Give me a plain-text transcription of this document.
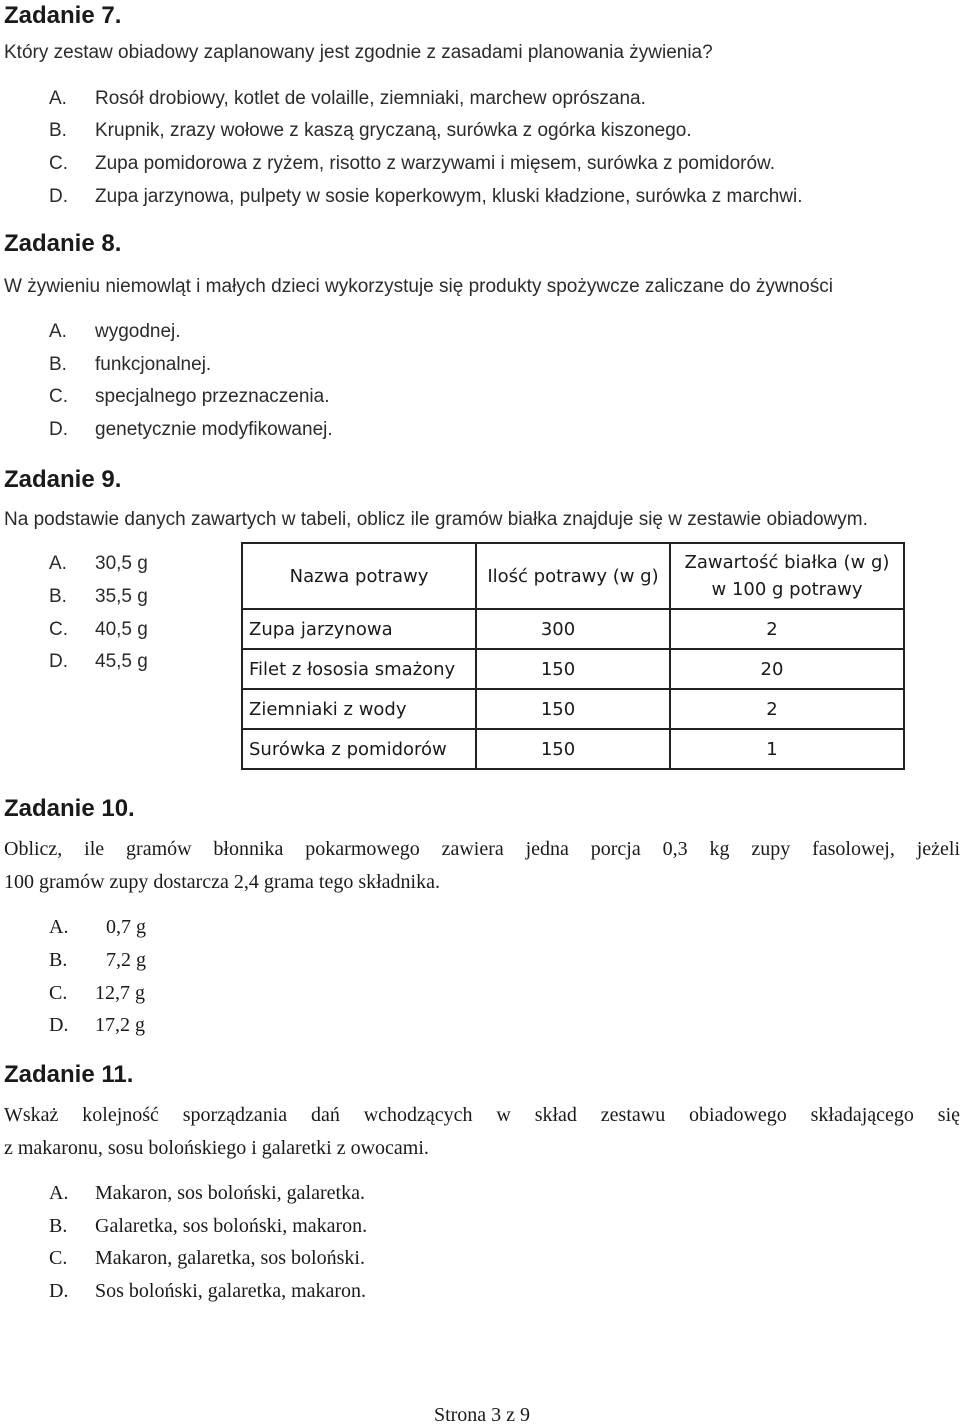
Zadanie 7.
Który zestaw obiadowy zaplanowany jest zgodnie z zasadami planowania żywienia?
A. Rosół drobiowy, kotlet de volaille, ziemniaki, marchew oprószana.
B. Krupnik, zrazy wołowe z kaszą gryczaną, surówka z ogórka kiszonego.
C. Zupa pomidorowa z ryżem, risotto z warzywami i mięsem, surówka z pomidorów.
D. Zupa jarzynowa, pulpety w sosie koperkowym, kluski kładzione, surówka z marchwi.
Zadanie 8.
W żywieniu niemowląt i małych dzieci wykorzystuje się produkty spożywcze zaliczane do żywności
A. wygodnej.
B. funkcjonalnej.
C. specjalnego przeznaczenia.
D. genetycznie modyfikowanej.
Zadanie 9.
Na podstawie danych zawartych w tabeli, oblicz ile gramów białka znajduje się w zestawie obiadowym.
A. 30,5 g
B. 35,5 g
C. 40,5 g
D. 45,5 g
Nazwa potrawy	Ilość potrawy (w g)	Zawartość białka (w g)
w 100 g potrawy
Zupa jarzynowa	300	2
Filet z łososia smażony	150	20
Ziemniaki z wody	150	2
Surówka z pomidorów	150	1
Zadanie 10.
Oblicz, ile gramów błonnika pokarmowego zawiera jedna porcja 0,3 kg zupy fasolowej, jeżeli
100 gramów zupy dostarcza 2,4 grama tego składnika.
A. 0,7 g
B. 7,2 g
C. 12,7 g
D. 17,2 g
Zadanie 11.
Wskaż kolejność sporządzania dań wchodzących w skład zestawu obiadowego składającego się
z makaronu, sosu bolońskiego i galaretki z owocami.
A. Makaron, sos boloński, galaretka.
B. Galaretka, sos boloński, makaron.
C. Makaron, galaretka, sos boloński.
D. Sos boloński, galaretka, makaron.
Strona 3 z 9
